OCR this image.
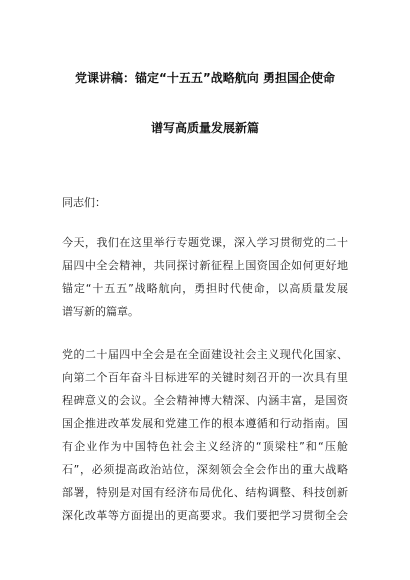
党课讲稿：锚定“十五五”战略航向 勇担国企使命
谱写高质量发展新篇
同志们：
今天，我们在这里举行专题党课，深入学习贯彻党的二十
届四中全会精神，共同探讨新征程上国资国企如何更好地
锚定“十五五”战略航向，勇担时代使命，以高质量发展
谱写新的篇章。
党的二十届四中全会是在全面建设社会主义现代化国家、
向第二个百年奋斗目标进军的关键时刻召开的一次具有里
程碑意义的会议。全会精神博大精深、内涵丰富，是国资
国企推进改革发展和党建工作的根本遵循和行动指南。国
有企业作为中国特色社会主义经济的“顶梁柱”和“压舱
石”，必须提高政治站位，深刻领会全会作出的重大战略
部署，特别是对国有经济布局优化、结构调整、科技创新
深化改革等方面提出的更高要求。我们要把学习贯彻全会
